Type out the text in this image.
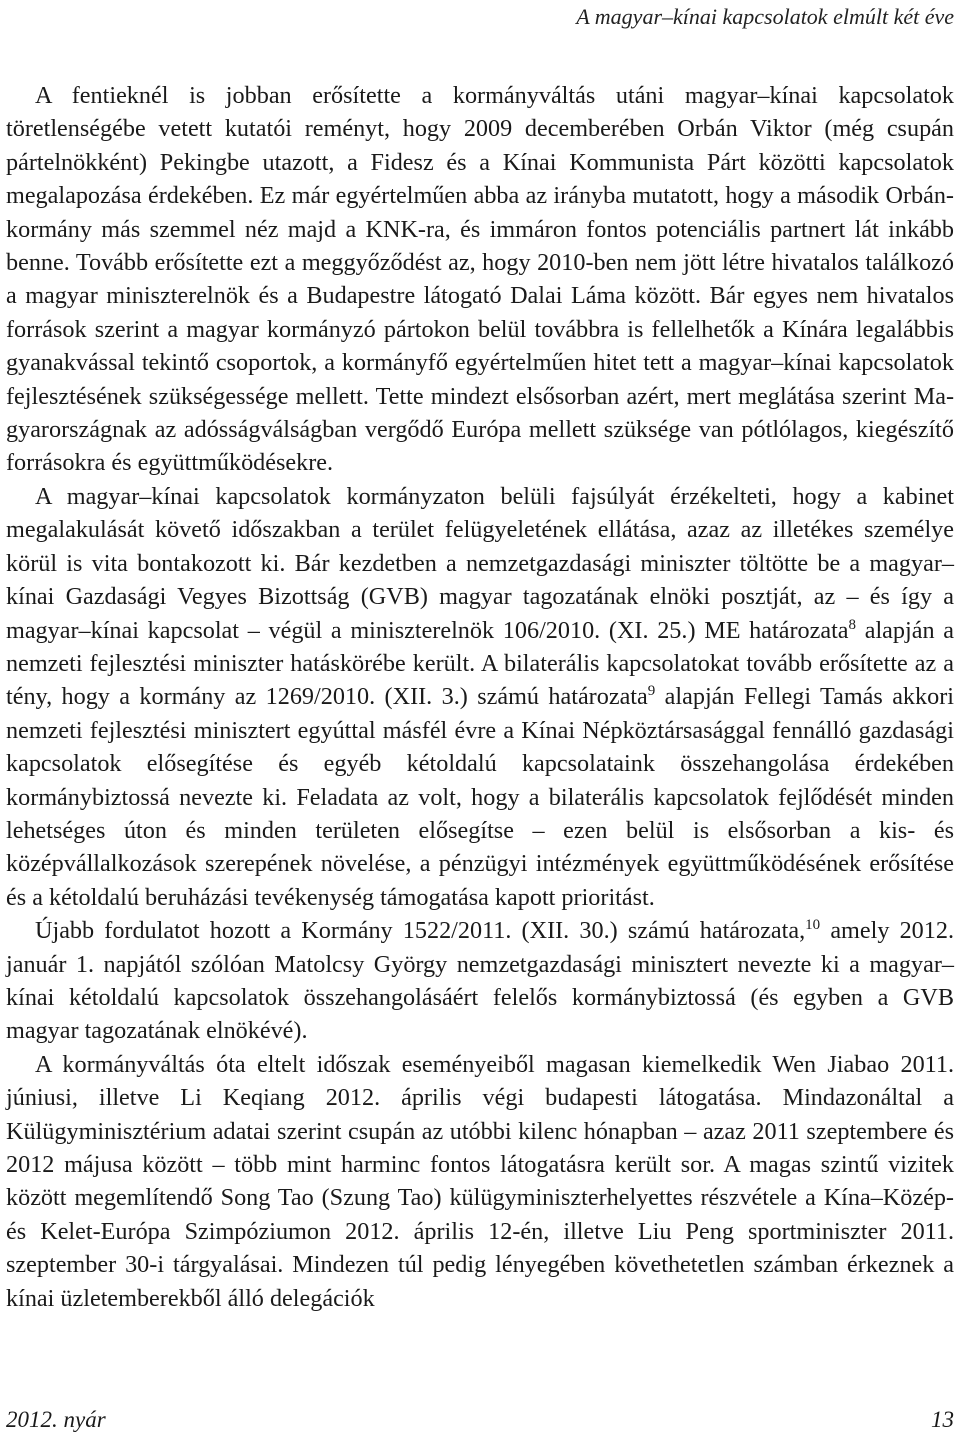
A magyar–kínai kapcsolatok elmúlt két éve

A fentieknél is jobban erősítette a kormányváltás utáni magyar–kínai kapcsolatok töretlenségébe vetett kutatói reményt, hogy 2009 decemberében Orbán Viktor (még csupán pártelnökként) Pekingbe utazott, a Fidesz és a Kínai Kommunista Párt közötti kapcsolatok megalapozása érdekében. Ez már egyértelműen abba az irányba mutatott, hogy a második Orbán-kormány más szemmel néz majd a KNK-ra, és immáron fontos potenciális partnert lát inkább benne. Tovább erősítette ezt a meggyőződést az, hogy 2010-ben nem jött létre hivatalos találkozó a magyar miniszterelnök és a Budapestre látogató Dalai Láma között. Bár egyes nem hivatalos források szerint a magyar kormányzó pártokon belül továbbra is fellelhetők a Kínára legalábbis gyanakvással tekintő csoportok, a kormányfő egyértelműen hitet tett a magyar–kínai kapcsolatok fejlesztésének szükségessége mellett. Tette mindezt elsősorban azért, mert meglátása szerint Magyarországnak az adósságválságban vergődő Európa mellett szüksége van pótlólagos, kiegészítő forrásokra és együttműködésekre.

A magyar–kínai kapcsolatok kormányzaton belüli fajsúlyát érzékelteti, hogy a kabinet megalakulását követő időszakban a terület felügyeletének ellátása, azaz az illetékes személye körül is vita bontakozott ki. Bár kezdetben a nemzetgazdasági miniszter töltötte be a magyar–kínai Gazdasági Vegyes Bizottság (GVB) magyar tagozatának elnöki posztját, az – és így a magyar–kínai kapcsolat – végül a miniszterelnök 106/2010. (XI. 25.) ME határozata$^8$ alapján a nemzeti fejlesztési miniszter hatáskörébe került. A bilaterális kapcsolatokat tovább erősítette az a tény, hogy a kormány az 1269/2010. (XII. 3.) számú határozata$^9$ alapján Fellegi Tamás akkori nemzeti fejlesztési minisztert egyúttal másfél évre a Kínai Népköztársasággal fennálló gazdasági kapcsolatok elősegítése és egyéb kétoldalú kapcsolataink összehangolása érdekében kormánybiztossá nevezte ki. Feladata az volt, hogy a bilaterális kapcsolatok fejlődését minden lehetséges úton és minden területen elősegítse – ezen belül is elsősorban a kis- és középvállalkozások szerepének növelése, a pénzügyi intézmények együttműködésének erősítése és a kétoldalú beruházási tevékenység támogatása kapott prioritást.

Újabb fordulatot hozott a Kormány 1522/2011. (XII. 30.) számú határozata,$^{10}$ amely 2012. január 1. napjától szólóan Matolcsy György nemzetgazdasági minisztert nevezte ki a magyar–kínai kétoldalú kapcsolatok összehangolásáért felelős kormánybiztossá (és egyben a GVB magyar tagozatának elnökévé).

A kormányváltás óta eltelt időszak eseményeiből magasan kiemelkedik Wen Jiabao 2011. júniusi, illetve Li Keqiang 2012. április végi budapesti látogatása. Mindazonáltal a Külügyminisztérium adatai szerint csupán az utóbbi kilenc hónapban – azaz 2011 szeptembere és 2012 májusa között – több mint harminc fontos látogatásra került sor. A magas szintű vizitek között megemlítendő Song Tao (Szung Tao) külügyminiszterhelyettes részvétele a Kína–Közép- és Kelet-Európa Szimpóziumon 2012. április 12-én, illetve Liu Peng sportminiszter 2011. szeptember 30-i tárgyalásai. Mindezen túl pedig lényegében követhetetlen számban érkeznek a kínai üzletemberekből álló delegációk

2012. nyár	13
